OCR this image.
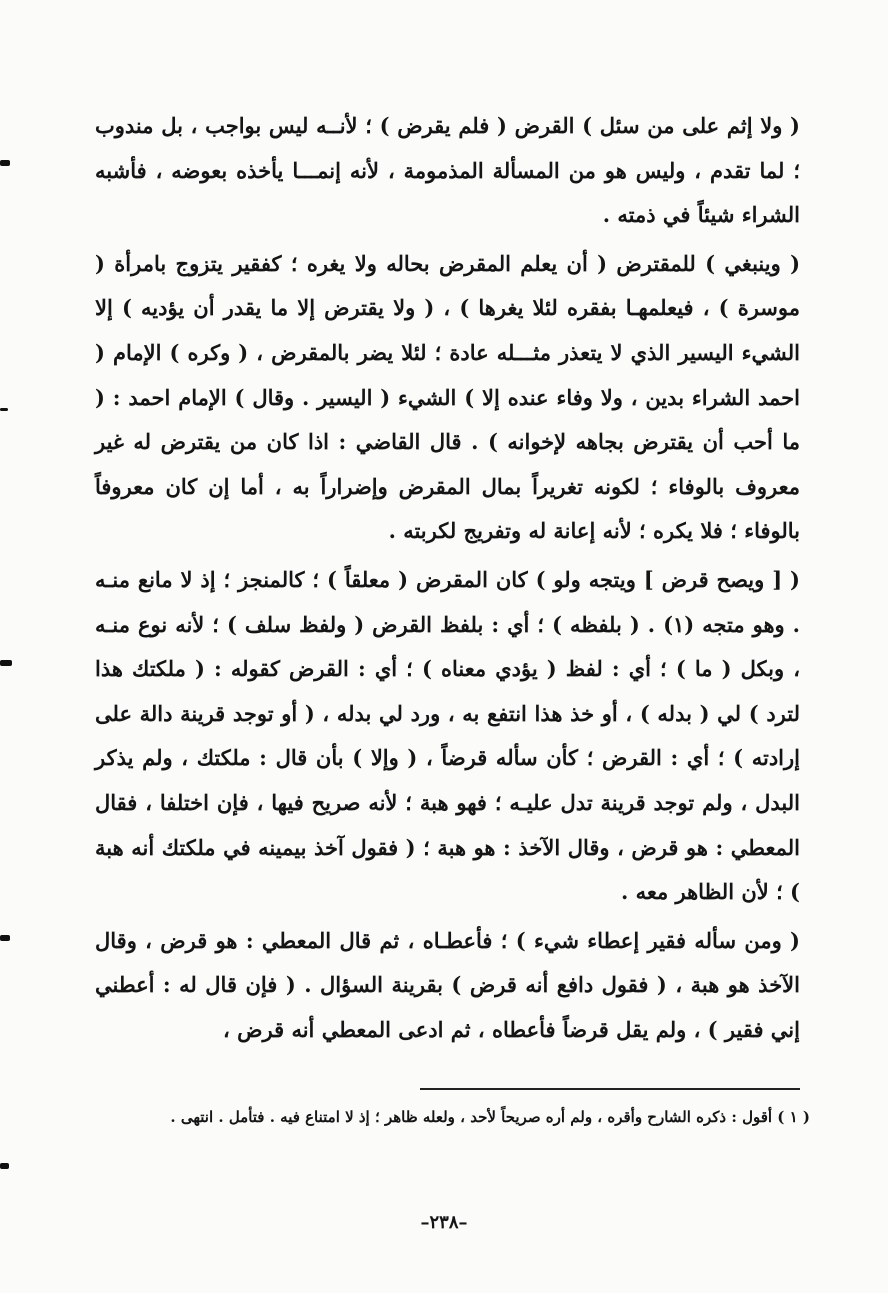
( ولا إثم على من سئل ) القرض ( فلم يقرض ) ؛ لأنــه ليس بواجب ، بل مندوب ؛ لما تقدم ، وليس هو من المسألة المذمومة ، لأنه إنمـــا يأخذه بعوضه ، فأشبه الشراء شيئاً في ذمته .

( وينبغي ) للمقترض ( أن يعلم المقرض بحاله ولا يغره ؛ كفقير يتزوج بامرأة ( موسرة ) ، فيعلمهـا بفقره لئلا يغرها ) ، ( ولا يقترض إلا ما يقدر أن يؤديه ) إلا الشيء اليسير الذي لا يتعذر مثـــله عادة ؛ لئلا يضر بالمقرض ، ( وكره ) الإمام ( احمد الشراء بدين ، ولا وفاء عنده إلا ) الشيء ( اليسير . وقال ) الإمام احمد : ( ما أحب أن يقترض بجاهه لإخوانه ) . قال القاضي : اذا كان من يقترض له غير معروف بالوفاء ؛ لكونه تغريراً بمال المقرض وإضراراً به ، أما إن كان معروفاً بالوفاء ؛ فلا يكره ؛ لأنه إعانة له وتفريج لكربته .

( [ ويصح قرض ] ويتجه ولو ) كان المقرض ( معلقاً ) ؛ كالمنجز ؛ إذ لا مانع منـه . وهو متجه (١) . ( بلفظه ) ؛ أي : بلفظ القرض ( ولفظ سلف ) ؛ لأنه نوع منـه ، وبكل ( ما ) ؛ أي : لفظ ( يؤدي معناه ) ؛ أي : القرض كقوله : ( ملكتك هذا لترد ) لي ( بدله ) ، أو خذ هذا انتفع به ، ورد لي بدله ، ( أو توجد قرينة دالة على إرادته ) ؛ أي : القرض ؛ كأن سأله قرضاً ، ( وإلا ) بأن قال : ملكتك ، ولم يذكر البدل ، ولم توجد قرينة تدل عليـه ؛ فهو هبة ؛ لأنه صريح فيها ، فإن اختلفا ، فقال المعطي : هو قرض ، وقال الآخذ : هو هبة ؛ ( فقول آخذ بيمينه في ملكتك أنه هبة ) ؛ لأن الظاهر معه .

( ومن سأله فقير إعطاء شيء ) ؛ فأعطـاه ، ثم قال المعطي : هو قرض ، وقال الآخذ هو هبة ، ( فقول دافع أنه قرض ) بقرينة السؤال . ( فإن قال له : أعطني إني فقير ) ، ولم يقل قرضاً فأعطاه ، ثم ادعى المعطي أنه قرض ،

( ١ ) أقول : ذكره الشارح وأقره ، ولم أره صريحاً لأحد ، ولعله ظاهر ؛ إذ لا امتناع فيه . فتأمل . انتهى .
–٢٣٨–
